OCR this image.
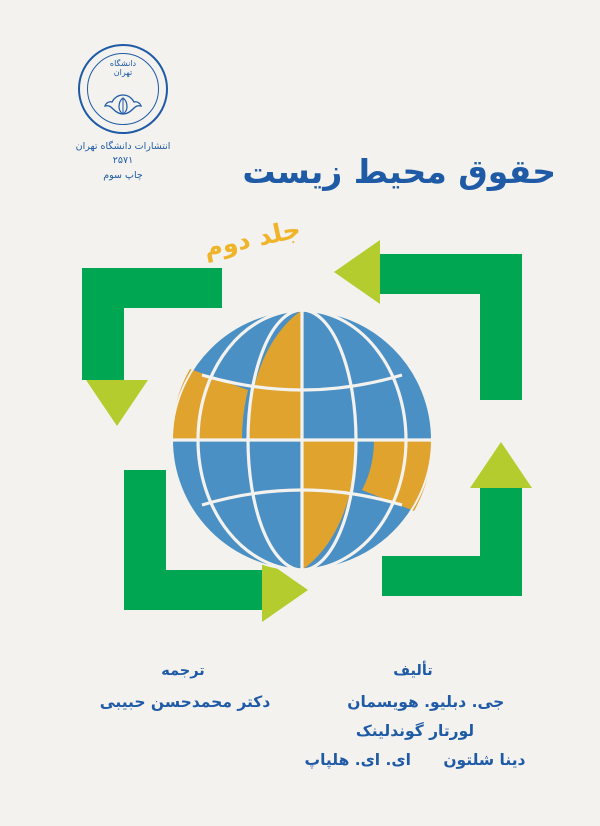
دانشگاه
تهران
انتشارات دانشگاه تهران
۲۵۷۱
چاپ سوم	حقوق محیط زیست
جلد دوم
تألیف
ترجمه
جی. دبلیو. هویسمان     لورتار گوندلینک
دکتر محمدحسن حبیبی
دینا شلتون      ای. ای. هلپاپ
